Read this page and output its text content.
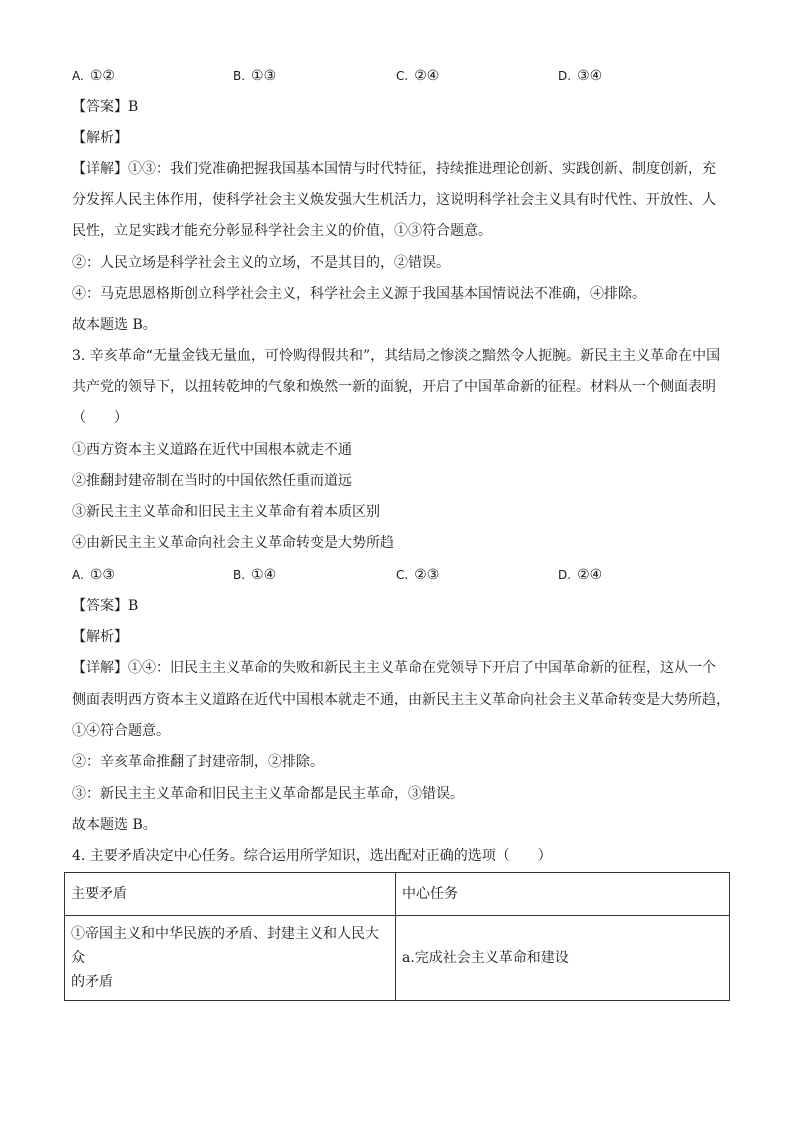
A. ①②	B. ①③	C. ②④	D. ③④
【答案】B
【解析】
【详解】①③：我们党准确把握我国基本国情与时代特征，持续推进理论创新、实践创新、制度创新，充
分发挥人民主体作用，使科学社会主义焕发强大生机活力，这说明科学社会主义具有时代性、开放性、人
民性，立足实践才能充分彰显科学社会主义的价值，①③符合题意。
②：人民立场是科学社会主义的立场，不是其目的，②错误。
④：马克思恩格斯创立科学社会主义，科学社会主义源于我国基本国情说法不准确，④排除。
故本题选 B。
3. 辛亥革命“无量金钱无量血，可怜购得假共和”，其结局之惨淡之黯然令人扼腕。新民主主义革命在中国
共产党的领导下，以扭转乾坤的气象和焕然一新的面貌，开启了中国革命新的征程。材料从一个侧面表明
（　　）
①西方资本主义道路在近代中国根本就走不通
②推翻封建帝制在当时的中国依然任重而道远
③新民主主义革命和旧民主主义革命有着本质区别
④由新民主主义革命向社会主义革命转变是大势所趋
A. ①③	B. ①④	C. ②③	D. ②④
【答案】B
【解析】
【详解】①④：旧民主主义革命的失败和新民主主义革命在党领导下开启了中国革命新的征程，这从一个
侧面表明西方资本主义道路在近代中国根本就走不通，由新民主主义革命向社会主义革命转变是大势所趋，
①④符合题意。
②：辛亥革命推翻了封建帝制，②排除。
③：新民主主义革命和旧民主主义革命都是民主革命，③错误。
故本题选 B。
4. 主要矛盾决定中心任务。综合运用所学知识，选出配对正确的选项（　　）
主要矛盾	中心任务

①帝国主义和中华民族的矛盾、封建主义和人民大众
的矛盾	a.完成社会主义革命和建设
